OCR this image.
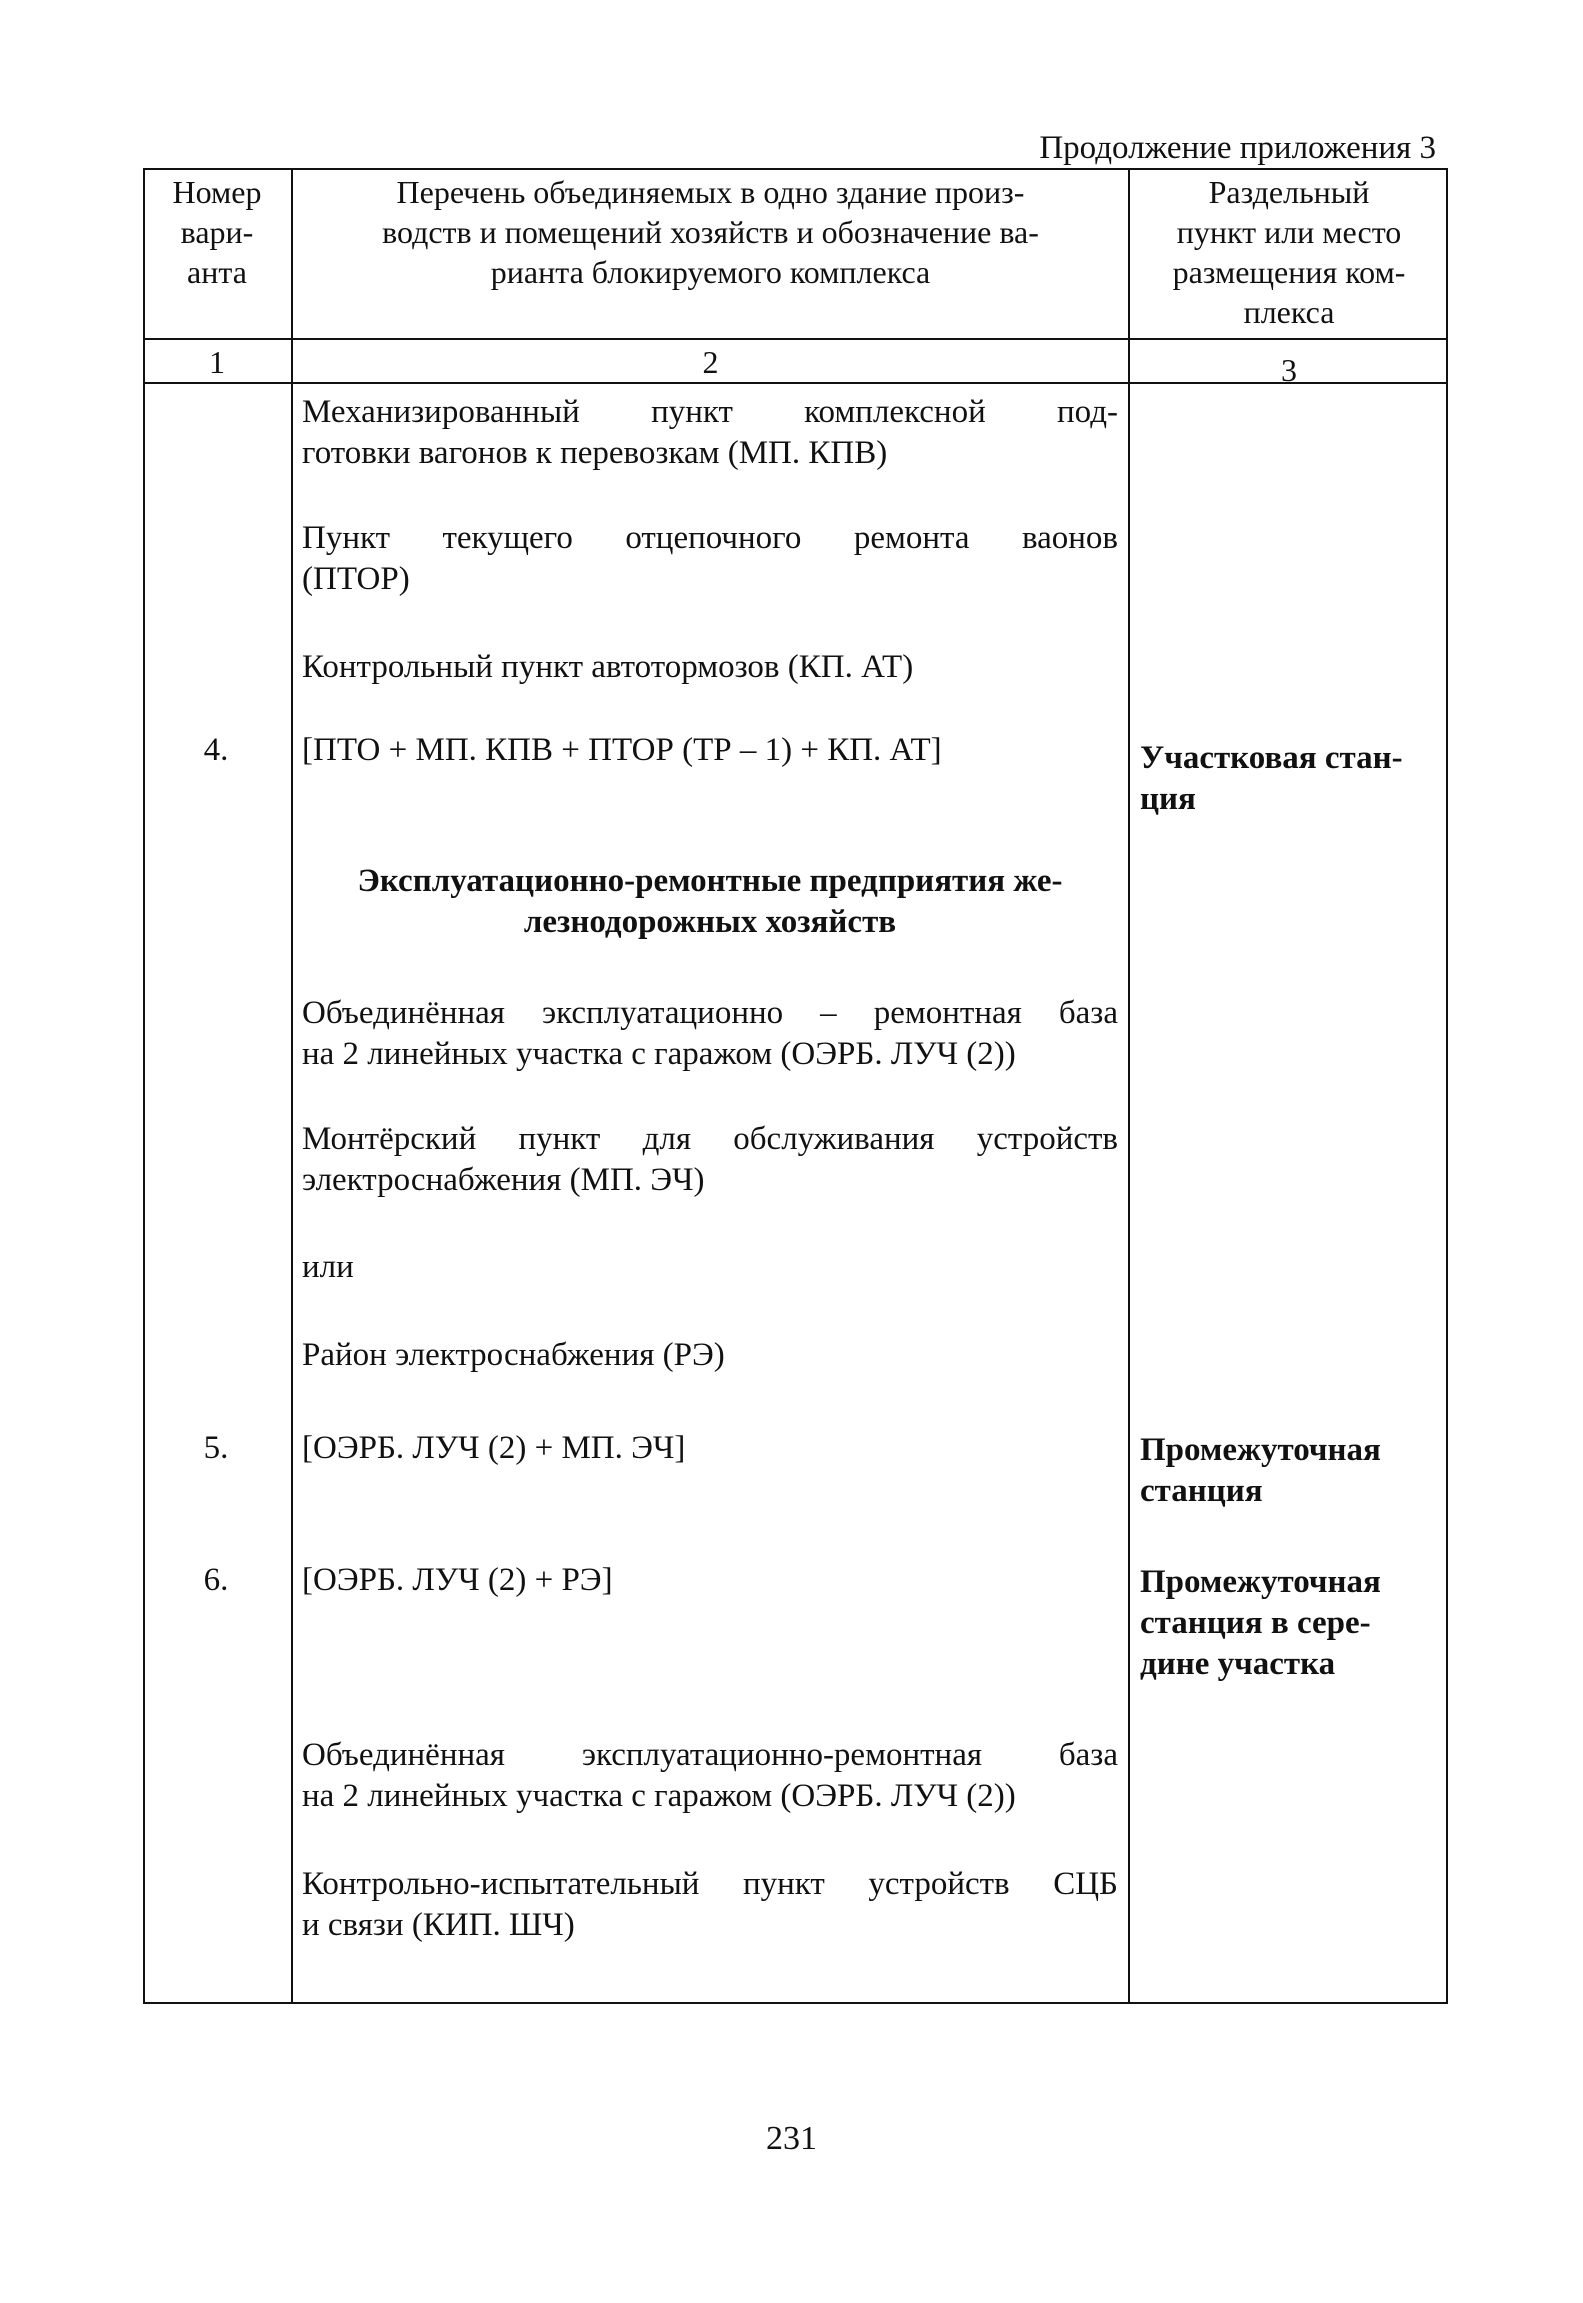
Продолжение приложения 3
Номер
вари-
анта
Перечень объединяемых в одно здание произ-
водств и помещений хозяйств и обозначение ва-
рианта блокируемого комплекса
Раздельный
пункт или место
размещения ком-
плекса
1	2	3
Механизированный пункт комплексной под-
готовки вагонов к перевозкам (МП. КПВ)
Пункт текущего отцепочного ремонта ваонов
(ПТОР)
Контрольный пункт автотормозов (КП. АТ)
[ПТО + МП. КПВ + ПТОР (ТР – 1) + КП. АТ]
Эксплуатационно-ремонтные предприятия же-
лезнодорожных хозяйств
Объединённая эксплуатационно – ремонтная база
на 2 линейных участка с гаражом (ОЭРБ. ЛУЧ (2))
Монтёрский пункт для обслуживания устройств
электроснабжения (МП. ЭЧ)
или
Район электроснабжения (РЭ)
[ОЭРБ. ЛУЧ (2) + МП. ЭЧ]
[ОЭРБ. ЛУЧ (2) + РЭ]
Объединённая эксплуатационно-ремонтная база
на 2 линейных участка с гаражом (ОЭРБ. ЛУЧ (2))
Контрольно-испытательный пункт устройств СЦБ
и связи (КИП. ШЧ)
4.
5.
6.
Участковая стан-
ция
Промежуточная
станция
Промежуточная
станция в сере-
дине участка
231
